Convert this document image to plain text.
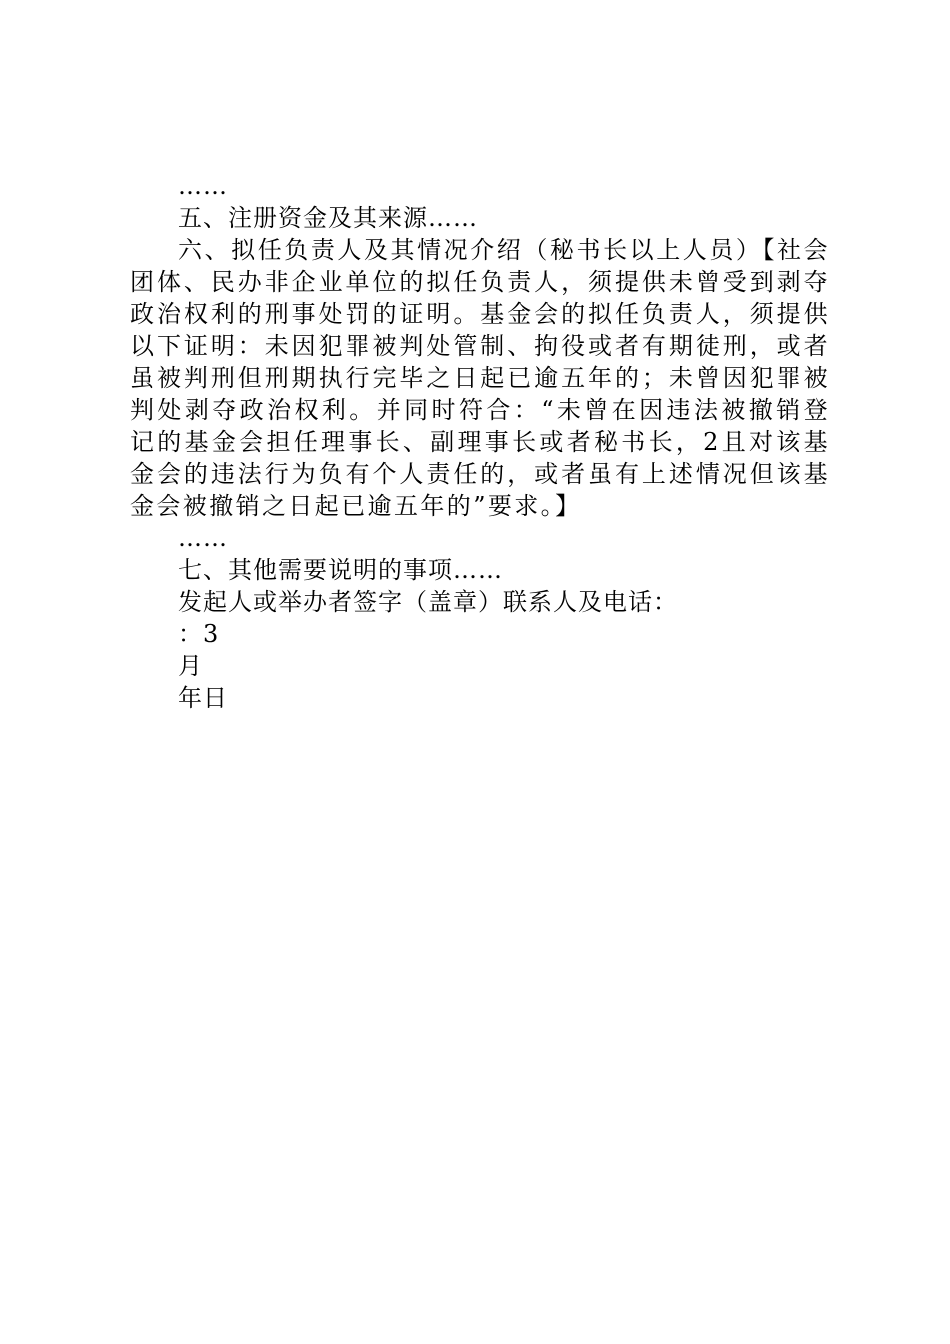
……
五、注册资金及其来源……
六、拟任负责人及其情况介绍（秘书长以上人员）【社会团体、民办非企业单位的拟任负责人，须提供未曾受到剥夺政治权利的刑事处罚的证明。基金会的拟任负责人，须提供以下证明：未因犯罪被判处管制、拘役或者有期徒刑，或者虽被判刑但刑期执行完毕之日起已逾五年的；未曾因犯罪被判处剥夺政治权利。并同时符合：“未曾在因违法被撤销登记的基金会担任理事长、副理事长或者秘书长，2且对该基金会的违法行为负有个人责任的，或者虽有上述情况但该基金会被撤销之日起已逾五年的”要求。】
……
七、其他需要说明的事项……
发起人或举办者签字（盖章）联系人及电话：
：3
月
年日
